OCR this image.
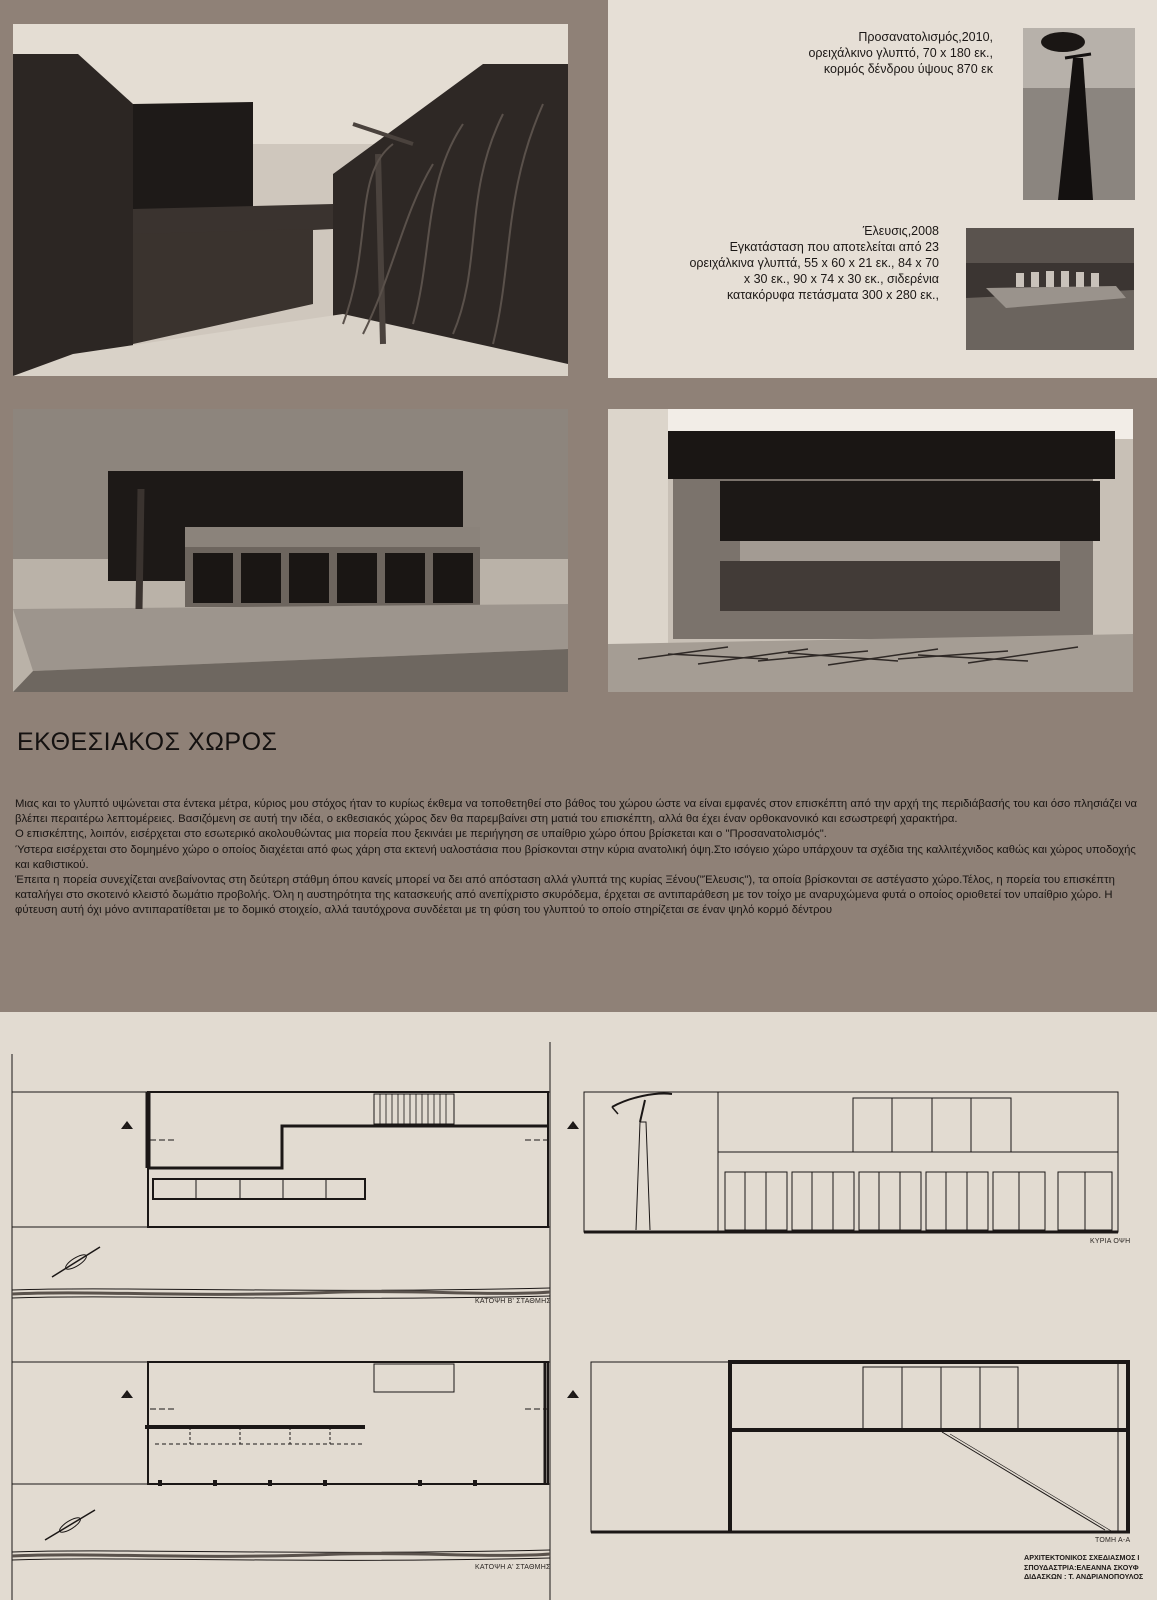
Προσανατολισμός,2010,
ορειχάλκινο γλυπτό, 70 x 180 εκ.,
κορμός δένδρου ύψους 870 εκ
Έλευσις,2008
Εγκατάσταση που αποτελείται από 23
ορειχάλκινα γλυπτά, 55 x 60 x 21 εκ., 84 x 70
x 30 εκ., 90 x 74 x 30 εκ., σιδερένια
κατακόρυφα πετάσματα 300 x 280 εκ.,
ΕΚΘΕΣΙΑΚΟΣ ΧΩΡΟΣ

Μιας και το γλυπτό υψώνεται στα έντεκα μέτρα, κύριος μου στόχος ήταν το κυρίως έκθεμα να τοποθετηθεί στο βάθος του χώρου ώστε να είναι εμφανές στον επισκέπτη από την αρχή της περιδιάβασής του και όσο πλησιάζει να βλέπει περαιτέρω λεπτομέρειες. Βασιζόμενη σε αυτή την ιδέα, ο εκθεσιακός χώρος δεν θα παρεμβαίνει στη ματιά του επισκέπτη, αλλά θα έχει έναν ορθοκανονικό και εσωστρεφή χαρακτήρα.

Ο επισκέπτης, λοιπόν, εισέρχεται στο εσωτερικό ακολουθώντας μια πορεία που ξεκινάει με περιήγηση σε υπαίθριο χώρο όπου βρίσκεται και ο "Προσανατολισμός".

Ύστερα εισέρχεται στο δομημένο χώρο ο οποίος διαχέεται από φως χάρη στα εκτενή υαλοστάσια που βρίσκονται στην κύρια ανατολική όψη.Στο ισόγειο χώρο υπάρχουν τα σχέδια της καλλιτέχνιδος καθώς και χώρος υποδοχής και καθιστικού.

Έπειτα η πορεία συνεχίζεται ανεβαίνοντας στη δεύτερη στάθμη όπου κανείς μπορεί να δει από απόσταση αλλά γλυπτά της κυρίας Ξένου("Έλευσις"), τα οποία βρίσκονται σε αστέγαστο χώρο.Τέλος, η πορεία του επισκέπτη καταλήγει στο σκοτεινό κλειστό δωμάτιο προβολής. Όλη η αυστηρότητα της κατασκευής από ανεπίχριστο σκυρόδεμα, έρχεται σε αντιπαράθεση με τον τοίχο με αναρυχώμενα φυτά ο οποίος οριοθετεί τον υπαίθριο χώρο. Η φύτευση αυτή όχι μόνο αντιπαρατίθεται με το δομικό στοιχείο, αλλά ταυτόχρονα συνδέεται με τη φύση του γλυπτού το οποίο στηρίζεται σε έναν ψηλό κορμό δέντρου

Α	Α
Α	Α
ΚΑΤΟΨΗ Β' ΣΤΑΘΜΗΣ
ΚΥΡΙΑ ΟΨΗ
ΚΑΤΟΨΗ Α' ΣΤΑΘΜΗΣ
ΤΟΜΗ Α-Α
ΑΡΧΙΤΕΚΤΟΝΙΚΟΣ ΣΧΕΔΙΑΣΜΟΣ Ι
ΣΠΟΥΔΑΣΤΡΙΑ:ΕΛΕΑΝΝΑ ΣΚΟΥΦ
ΔΙΔΑΣΚΩΝ : Τ. ΑΝΔΡΙΑΝΟΠΟΥΛΟΣ
